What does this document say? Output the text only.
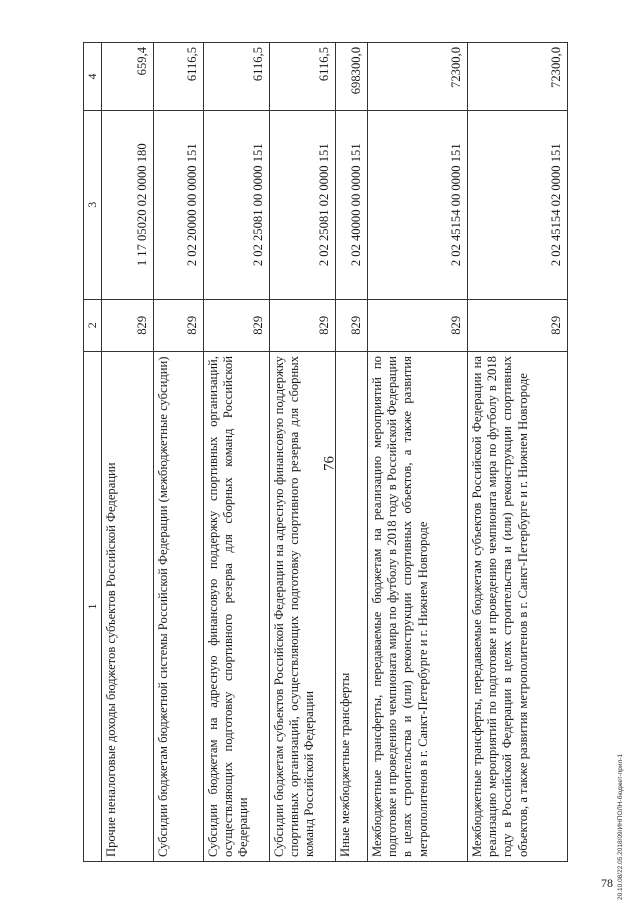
76
1	2	3	4
Прочие неналоговые доходы бюджетов субъектов Российской Федерации	829	1 17 05020 02 0000 180	659,4
Субсидии бюджетам бюджетной системы Российской Федерации (межбюджетные субсидии)	829	2 02 20000 00 0000 151	6116,5
Субсидии бюджетам на адресную финансовую поддержку спортивных организаций, осуществляющих подготовку спортивного резерва для сборных команд Российской Федерации	829	2 02 25081 00 0000 151	6116,5
Субсидии бюджетам субъектов Российской Федерации на адресную финансовую поддержку спортивных организаций, осуществляющих подготовку спортивного резерва для сборных команд Российской Федерации	829	2 02 25081 02 0000 151	6116,5
Иные межбюджетные трансферты	829	2 02 40000 00 0000 151	698300,0
Межбюджетные трансферты, передаваемые бюджетам на реализацию мероприятий по подготовке и проведению чемпионата мира по футболу в 2018 году в Российской Федерации в целях строительства и (или) реконструкции спортивных объектов, а также развития метрополитенов в г. Санкт-Петербурге и г. Нижнем Новгороде	829	2 02 45154 00 0000 151	72300,0
Межбюджетные трансферты, передаваемые бюджетам субъектов Российской Федерации на реализацию мероприятий по подготовке и проведению чемпионата мира по футболу в 2018 году в Российской Федерации в целях строительства и (или) реконструкции спортивных объектов, а также развития метрополитенов в г. Санкт-Петербурге и г. Нижнем Новгороде	829	2 02 45154 02 0000 151	72300,0
20.10.08/22.05.2018/09/ИНПОЛН-бюджет-прил-1
78
